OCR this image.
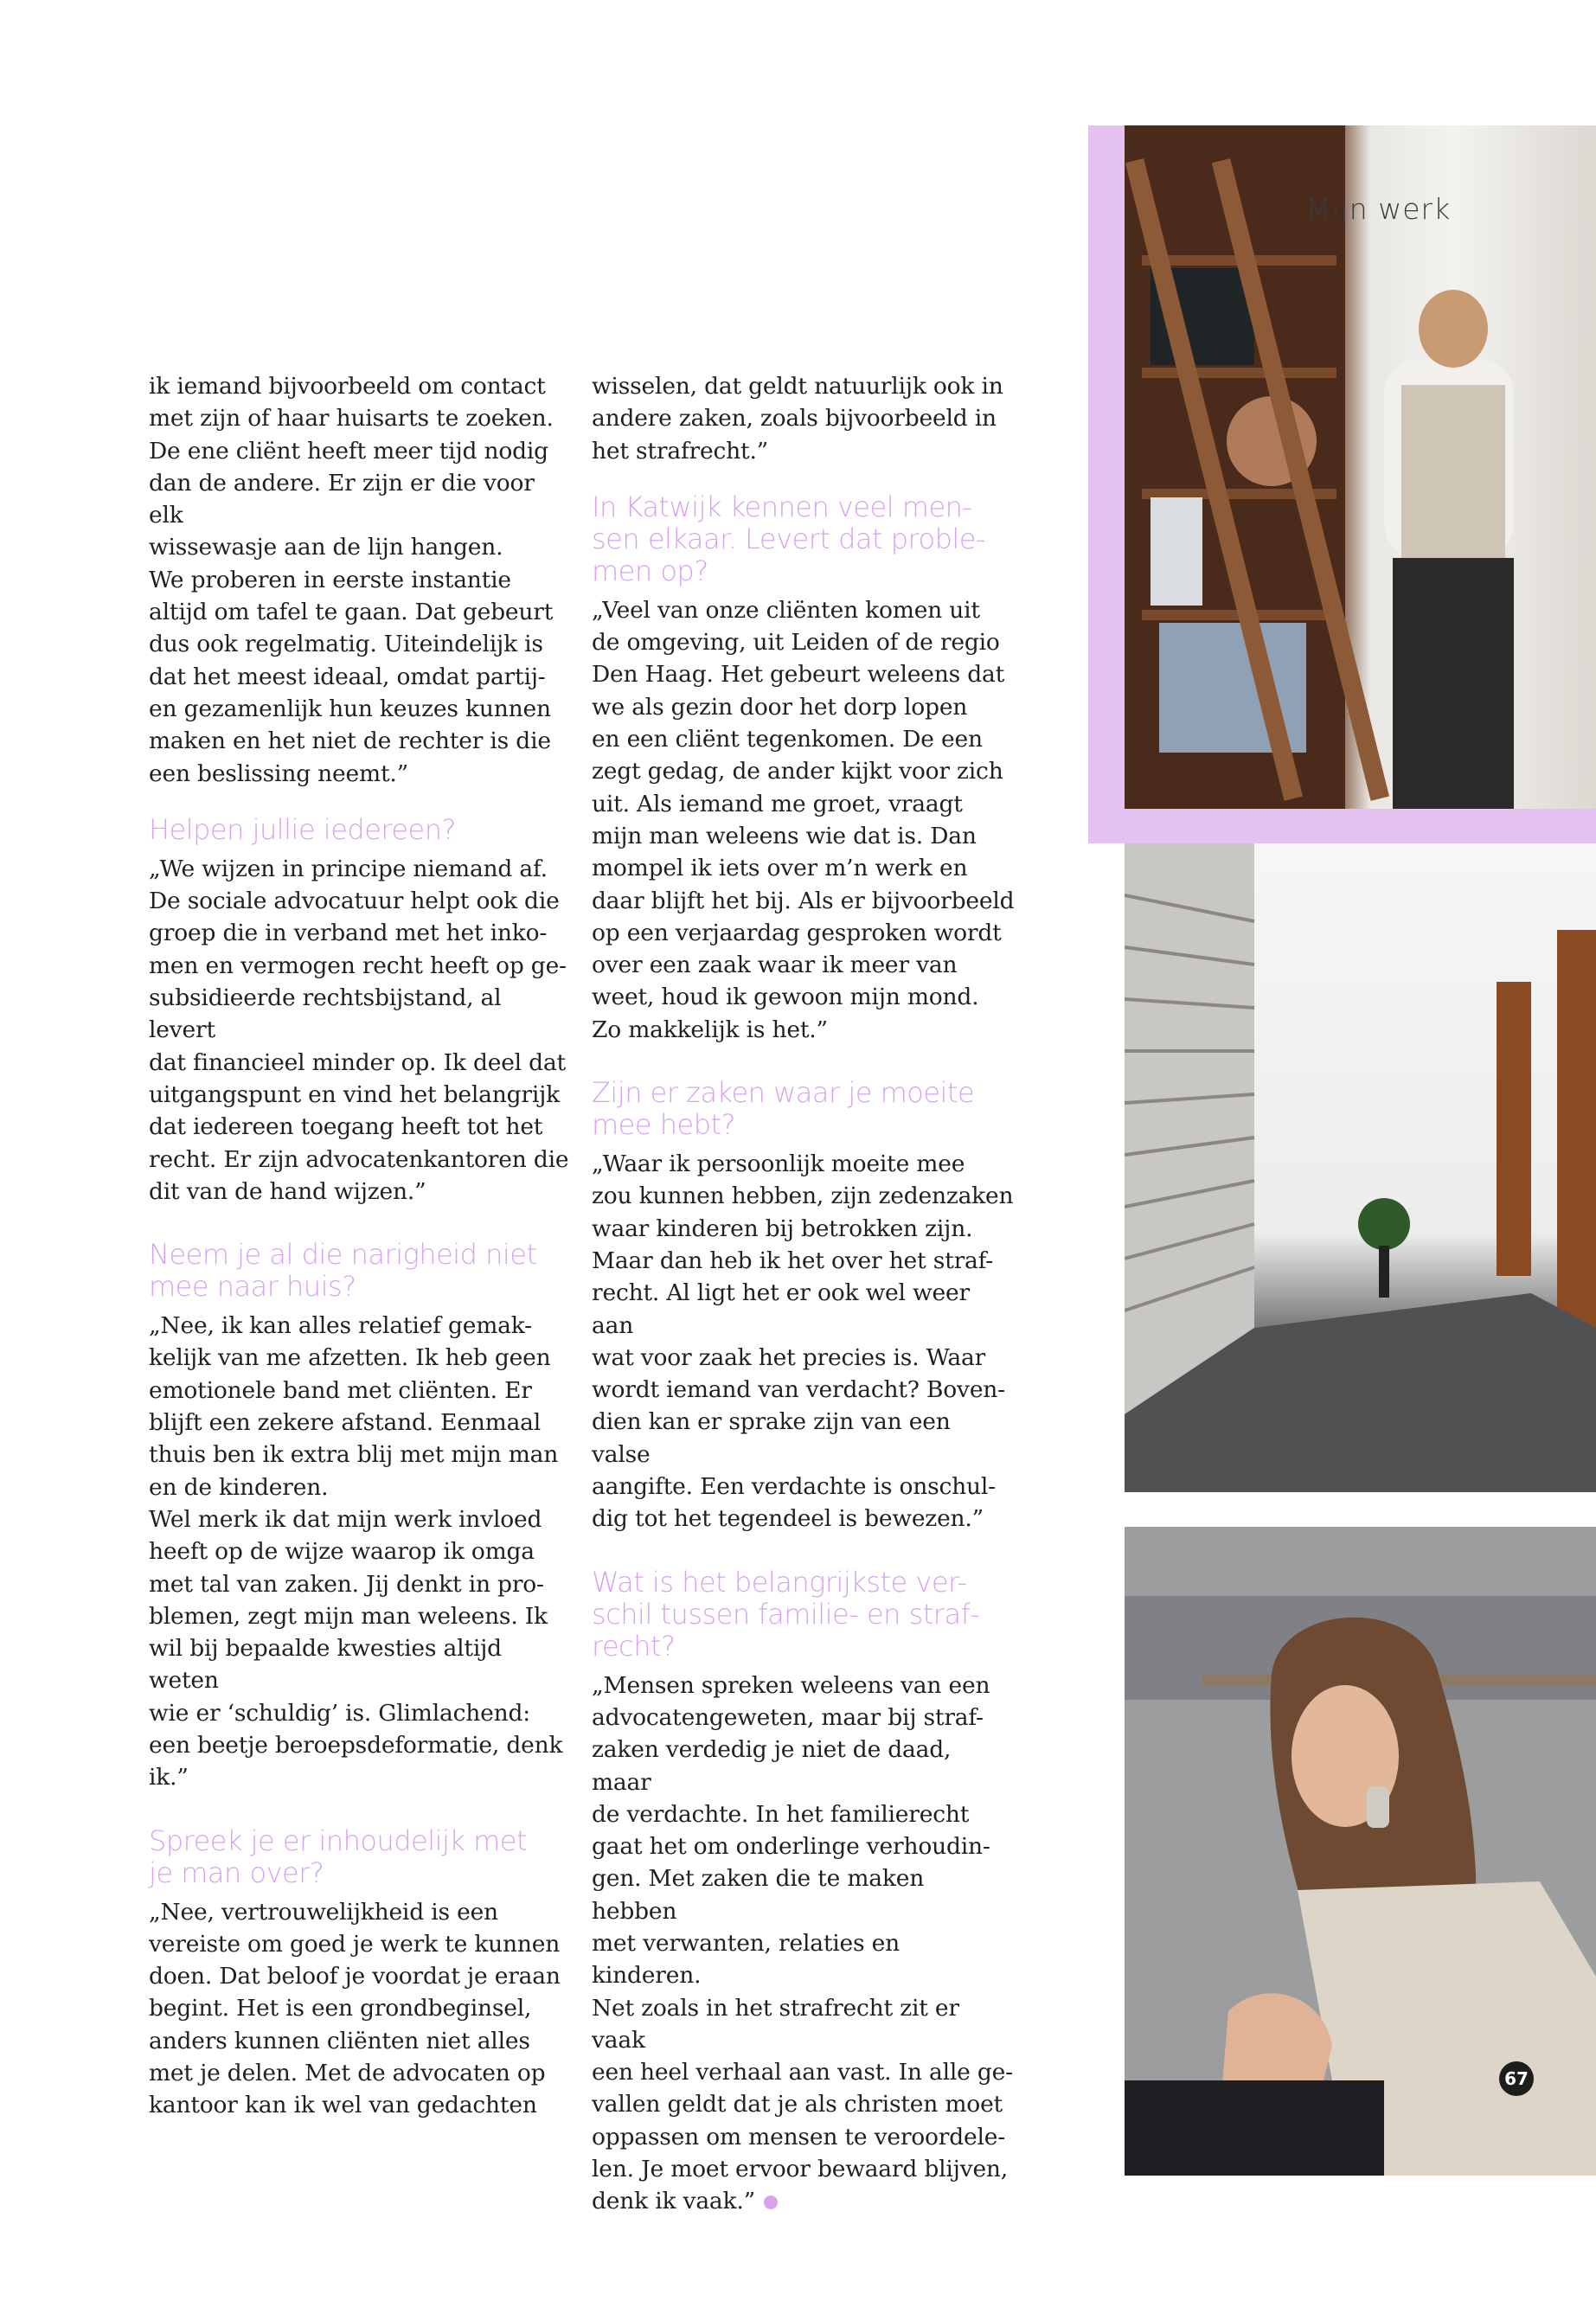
Mijn werk

ik iemand bijvoorbeeld om contact
met zijn of haar huisarts te zoeken.
De ene cliënt heeft meer tijd nodig
dan de andere. Er zijn er die voor elk
wissewasje aan de lijn hangen.
We proberen in eerste instantie
altijd om tafel te gaan. Dat gebeurt
dus ook regelmatig. Uiteindelijk is
dat het meest ideaal, omdat partij-
en gezamenlijk hun keuzes kunnen
maken en het niet de rechter is die
een beslissing neemt.”

Helpen jullie iedereen?

„We wijzen in principe niemand af.
De sociale advocatuur helpt ook die
groep die in verband met het inko-
men en vermogen recht heeft op ge-
subsidieerde rechtsbijstand, al levert
dat financieel minder op. Ik deel dat
uitgangspunt en vind het belangrijk
dat iedereen toegang heeft tot het
recht. Er zijn advocatenkantoren die
dit van de hand wijzen.”

Neem je al die narigheid niet
mee naar huis?

„Nee, ik kan alles relatief gemak-
kelijk van me afzetten. Ik heb geen
emotionele band met cliënten. Er
blijft een zekere afstand. Eenmaal
thuis ben ik extra blij met mijn man
en de kinderen.
Wel merk ik dat mijn werk invloed
heeft op de wijze waarop ik omga
met tal van zaken. Jij denkt in pro-
blemen, zegt mijn man weleens. Ik
wil bij bepaalde kwesties altijd weten
wie er ‘schuldig’ is. Glimlachend:
een beetje beroepsdeformatie, denk
ik.”

Spreek je er inhoudelijk met
je man over?

„Nee, vertrouwelijkheid is een
vereiste om goed je werk te kunnen
doen. Dat beloof je voordat je eraan
begint. Het is een grondbeginsel,
anders kunnen cliënten niet alles
met je delen. Met de advocaten op
kantoor kan ik wel van gedachten

wisselen, dat geldt natuurlijk ook in
andere zaken, zoals bijvoorbeeld in
het strafrecht.”

In Katwijk kennen veel men-
sen elkaar. Levert dat proble-
men op?

„Veel van onze cliënten komen uit
de omgeving, uit Leiden of de regio
Den Haag. Het gebeurt weleens dat
we als gezin door het dorp lopen
en een cliënt tegenkomen. De een
zegt gedag, de ander kijkt voor zich
uit. Als iemand me groet, vraagt
mijn man weleens wie dat is. Dan
mompel ik iets over m’n werk en
daar blijft het bij. Als er bijvoorbeeld
op een verjaardag gesproken wordt
over een zaak waar ik meer van
weet, houd ik gewoon mijn mond.
Zo makkelijk is het.”

Zijn er zaken waar je moeite
mee hebt?

„Waar ik persoonlijk moeite mee
zou kunnen hebben, zijn zedenzaken
waar kinderen bij betrokken zijn.
Maar dan heb ik het over het straf-
recht. Al ligt het er ook wel weer aan
wat voor zaak het precies is. Waar
wordt iemand van verdacht? Boven-
dien kan er sprake zijn van een valse
aangifte. Een verdachte is onschul-
dig tot het tegendeel is bewezen.”

Wat is het belangrijkste ver-
schil tussen familie- en straf-
recht?

„Mensen spreken weleens van een
advocatengeweten, maar bij straf-
zaken verdedig je niet de daad, maar
de verdachte. In het familierecht
gaat het om onderlinge verhoudin-
gen. Met zaken die te maken hebben
met verwanten, relaties en kinderen.
Net zoals in het strafrecht zit er vaak
een heel verhaal aan vast. In alle ge-
vallen geldt dat je als christen moet
oppassen om mensen te veroordele-
len. Je moet ervoor bewaard blijven,
denk ik vaak.”

67
